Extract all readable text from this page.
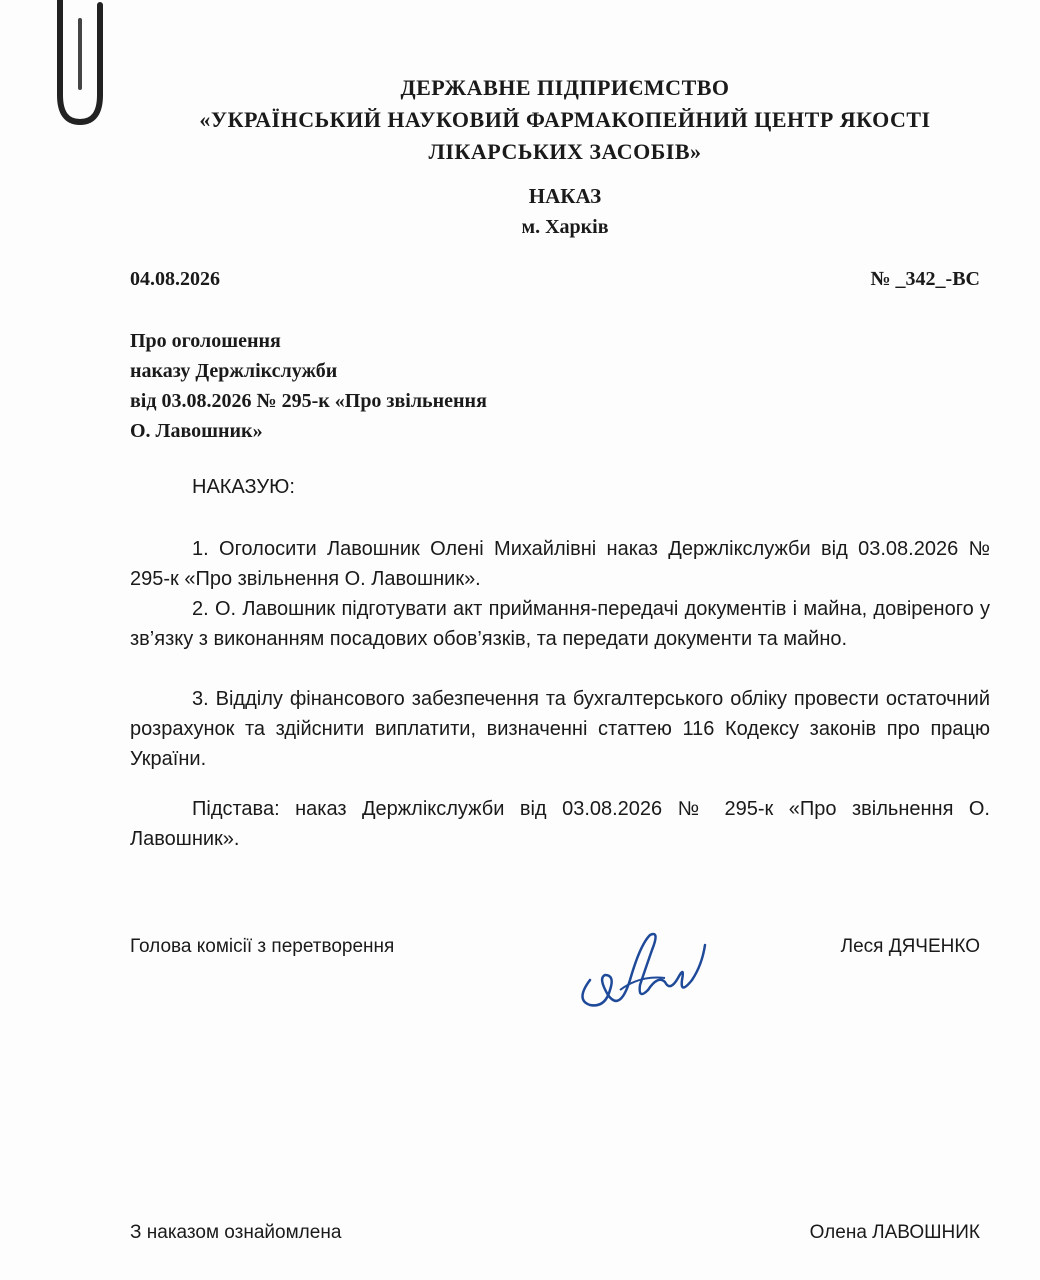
ДЕРЖАВНЕ ПІДПРИЄМСТВО
«УКРАЇНСЬКИЙ НАУКОВИЙ ФАРМАКОПЕЙНИЙ ЦЕНТР ЯКОСТІ
ЛІКАРСЬКИХ ЗАСОБІВ»
НАКАЗ
м. Харків
04.08.2026	№ _342_-ВС
Про оголошення
наказу Держлікслужби
від 03.08.2026 № 295-к «Про звільнення
О. Лавошник»
НАКАЗУЮ:
1. Оголосити Лавошник Олені Михайлівні наказ Держлікслужби від 03.08.2026 № 295-к «Про звільнення О. Лавошник».
2. О. Лавошник підготувати акт приймання-передачі документів і майна, довіреного у зв’язку з виконанням посадових обов’язків, та передати документи та майно.
3. Відділу фінансового забезпечення та бухгалтерського обліку провести остаточний розрахунок та здійснити виплатити, визначенні статтею 116 Кодексу законів про працю України.
Підстава: наказ Держлікслужби від 03.08.2026 № 295-к «Про звільнення О. Лавошник».
Голова комісії з перетворення	Леся ДЯЧЕНКО
З наказом ознайомлена	Олена ЛАВОШНИК
